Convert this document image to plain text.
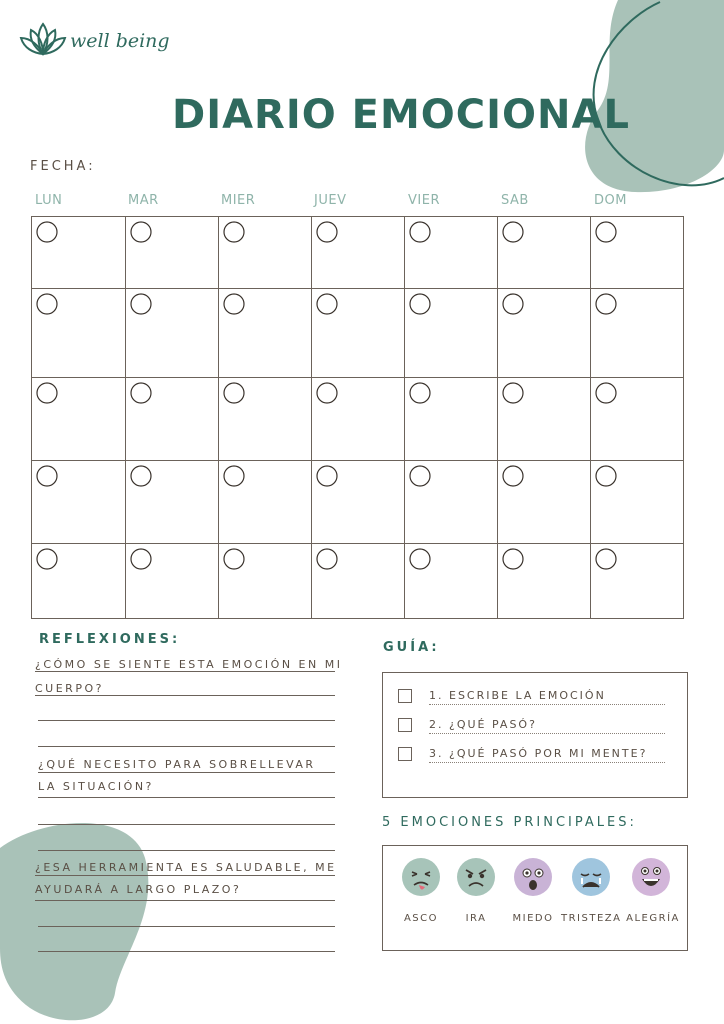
well being
DIARIO EMOCIONAL
FECHA:
LUN	MAR	MIER	JUEV	VIER	SAB	DOM
REFLEXIONES:
¿CÓMO SE SIENTE ESTA EMOCIÓN EN MI
CUERPO?
¿QUÉ NECESITO PARA SOBRELLEVAR
LA SITUACIÓN?
¿ESA HERRAMIENTA ES SALUDABLE, ME
AYUDARÁ A LARGO PLAZO?
GUÍA:
1. ESCRIBE LA EMOCIÓN
2. ¿QUÉ PASÓ?
3. ¿QUÉ PASÓ POR MI MENTE?
5 EMOCIONES PRINCIPALES:
ASCO	IRA	MIEDO TRISTEZA ALEGRÍA
